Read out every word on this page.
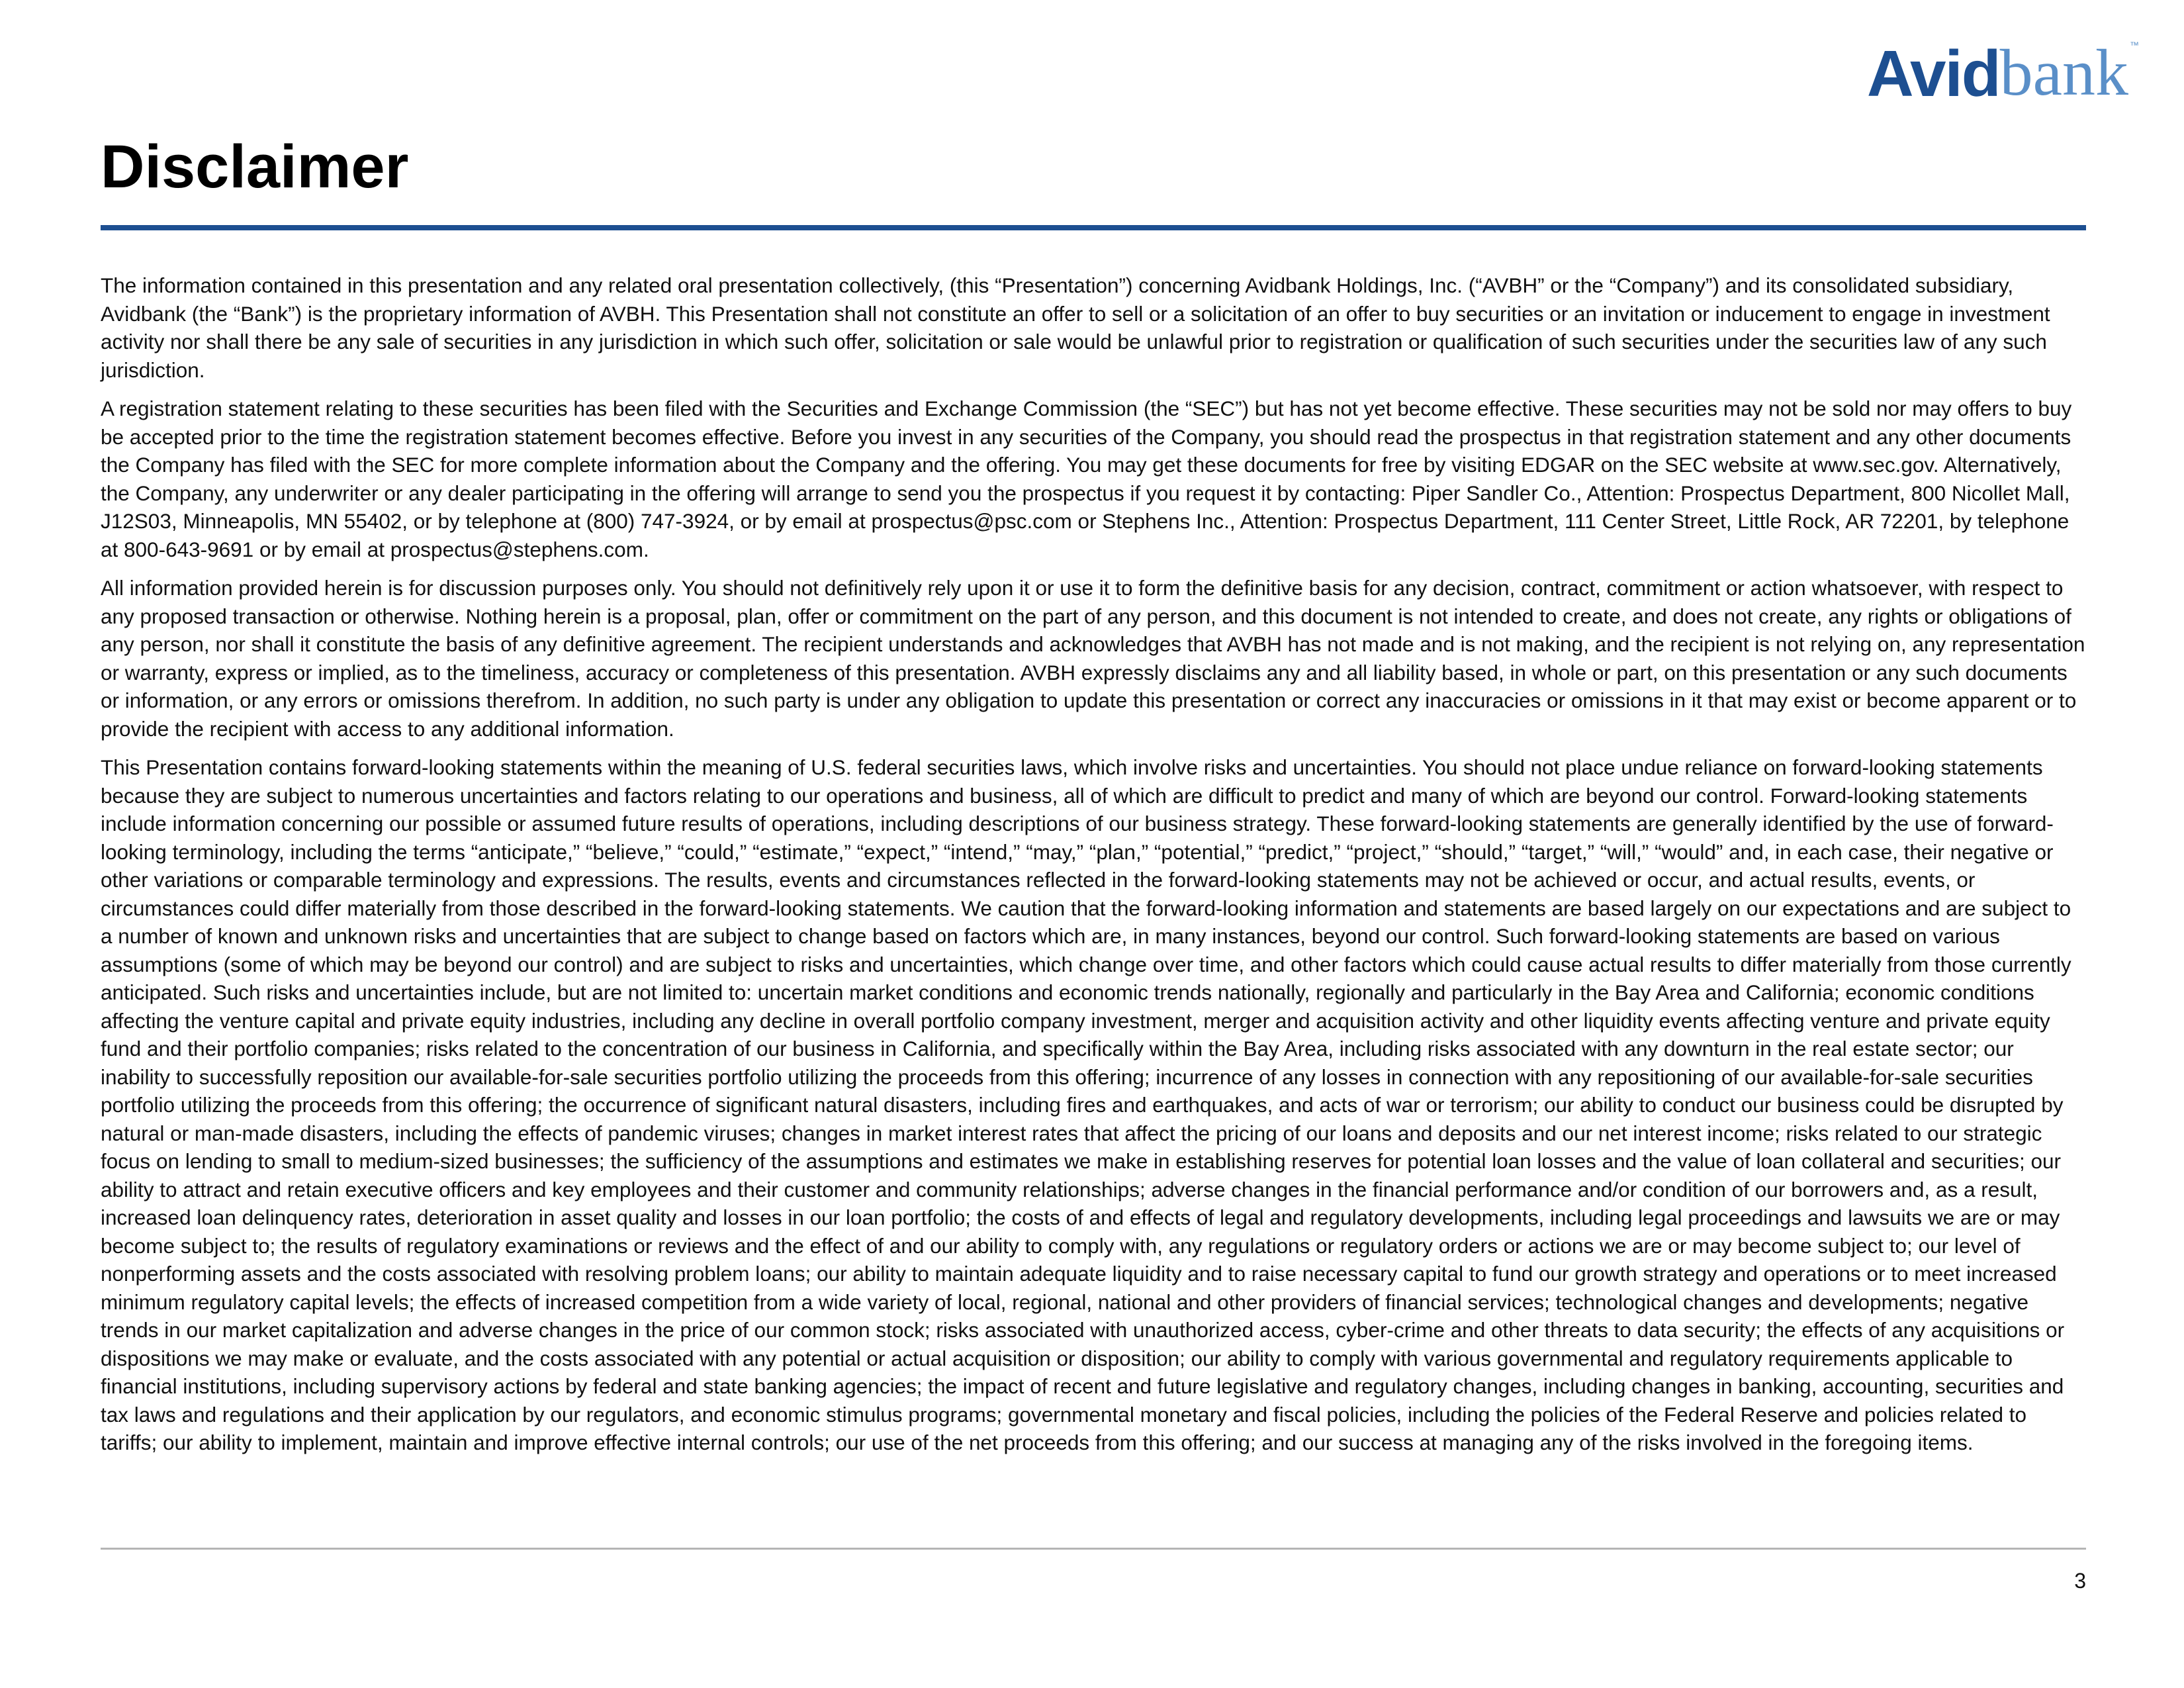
Avid bank ™
Disclaimer

The information contained in this presentation and any related oral presentation collectively, (this “Presentation”) concerning Avidbank Holdings, Inc. (“AVBH” or the “Company”) and its consolidated subsidiary, Avidbank (the “Bank”) is the proprietary information of AVBH. This Presentation shall not constitute an offer to sell or a solicitation of an offer to buy securities or an invitation or inducement to engage in investment activity nor shall there be any sale of securities in any jurisdiction in which such offer, solicitation or sale would be unlawful prior to registration or qualification of such securities under the securities law of any such jurisdiction.

A registration statement relating to these securities has been filed with the Securities and Exchange Commission (the “SEC”) but has not yet become effective. These securities may not be sold nor may offers to buy be accepted prior to the time the registration statement becomes effective. Before you invest in any securities of the Company, you should read the prospectus in that registration statement and any other documents the Company has filed with the SEC for more complete information about the Company and the offering. You may get these documents for free by visiting EDGAR on the SEC website at www.sec.gov. Alternatively, the Company, any underwriter or any dealer participating in the offering will arrange to send you the prospectus if you request it by contacting: Piper Sandler Co., Attention: Prospectus Department, 800 Nicollet Mall, J12S03, Minneapolis, MN 55402, or by telephone at (800) 747-3924, or by email at prospectus@psc.com or Stephens Inc., Attention: Prospectus Department, 111 Center Street, Little Rock, AR 72201, by telephone at 800-643-9691 or by email at prospectus@stephens.com.

All information provided herein is for discussion purposes only. You should not definitively rely upon it or use it to form the definitive basis for any decision, contract, commitment or action whatsoever, with respect to any proposed transaction or otherwise. Nothing herein is a proposal, plan, offer or commitment on the part of any person, and this document is not intended to create, and does not create, any rights or obligations of any person, nor shall it constitute the basis of any definitive agreement. The recipient understands and acknowledges that AVBH has not made and is not making, and the recipient is not relying on, any representation or warranty, express or implied, as to the timeliness, accuracy or completeness of this presentation. AVBH expressly disclaims any and all liability based, in whole or part, on this presentation or any such documents or information, or any errors or omissions therefrom. In addition, no such party is under any obligation to update this presentation or correct any inaccuracies or omissions in it that may exist or become apparent or to provide the recipient with access to any additional information.

This Presentation contains forward-looking statements within the meaning of U.S. federal securities laws, which involve risks and uncertainties. You should not place undue reliance on forward-looking statements because they are subject to numerous uncertainties and factors relating to our operations and business, all of which are difficult to predict and many of which are beyond our control. Forward-looking statements include information concerning our possible or assumed future results of operations, including descriptions of our business strategy. These forward-looking statements are generally identified by the use of forward-looking terminology, including the terms “anticipate,” “believe,” “could,” “estimate,” “expect,” “intend,” “may,” “plan,” “potential,” “predict,” “project,” “should,” “target,” “will,” “would” and, in each case, their negative or other variations or comparable terminology and expressions. The results, events and circumstances reflected in the forward-looking statements may not be achieved or occur, and actual results, events, or circumstances could differ materially from those described in the forward-looking statements. We caution that the forward-looking information and statements are based largely on our expectations and are subject to a number of known and unknown risks and uncertainties that are subject to change based on factors which are, in many instances, beyond our control. Such forward-looking statements are based on various assumptions (some of which may be beyond our control) and are subject to risks and uncertainties, which change over time, and other factors which could cause actual results to differ materially from those currently anticipated. Such risks and uncertainties include, but are not limited to: uncertain market conditions and economic trends nationally, regionally and particularly in the Bay Area and California; economic conditions affecting the venture capital and private equity industries, including any decline in overall portfolio company investment, merger and acquisition activity and other liquidity events affecting venture and private equity fund and their portfolio companies; risks related to the concentration of our business in California, and specifically within the Bay Area, including risks associated with any downturn in the real estate sector; our inability to successfully reposition our available-for-sale securities portfolio utilizing the proceeds from this offering; incurrence of any losses in connection with any repositioning of our available-for-sale securities portfolio utilizing the proceeds from this offering; the occurrence of significant natural disasters, including fires and earthquakes, and acts of war or terrorism; our ability to conduct our business could be disrupted by natural or man-made disasters, including the effects of pandemic viruses; changes in market interest rates that affect the pricing of our loans and deposits and our net interest income; risks related to our strategic focus on lending to small to medium-sized businesses; the sufficiency of the assumptions and estimates we make in establishing reserves for potential loan losses and the value of loan collateral and securities; our ability to attract and retain executive officers and key employees and their customer and community relationships; adverse changes in the financial performance and/or condition of our borrowers and, as a result, increased loan delinquency rates, deterioration in asset quality and losses in our loan portfolio; the costs of and effects of legal and regulatory developments, including legal proceedings and lawsuits we are or may become subject to; the results of regulatory examinations or reviews and the effect of and our ability to comply with, any regulations or regulatory orders or actions we are or may become subject to; our level of nonperforming assets and the costs associated with resolving problem loans; our ability to maintain adequate liquidity and to raise necessary capital to fund our growth strategy and operations or to meet increased minimum regulatory capital levels; the effects of increased competition from a wide variety of local, regional, national and other providers of financial services; technological changes and developments; negative trends in our market capitalization and adverse changes in the price of our common stock; risks associated with unauthorized access, cyber-crime and other threats to data security; the effects of any acquisitions or dispositions we may make or evaluate, and the costs associated with any potential or actual acquisition or disposition; our ability to comply with various governmental and regulatory requirements applicable to financial institutions, including supervisory actions by federal and state banking agencies; the impact of recent and future legislative and regulatory changes, including changes in banking, accounting, securities and tax laws and regulations and their application by our regulators, and economic stimulus programs; governmental monetary and fiscal policies, including the policies of the Federal Reserve and policies related to tariffs; our ability to implement, maintain and improve effective internal controls; our use of the net proceeds from this offering; and our success at managing any of the risks involved in the foregoing items.

3
